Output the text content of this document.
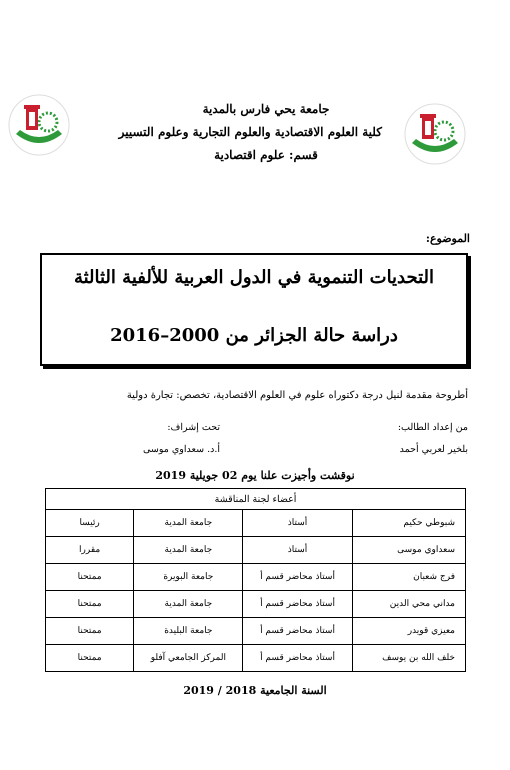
جامعة يحي فارس بالمدية
كلية العلوم الاقتصادية والعلوم التجارية وعلوم التسيير
قسم: علوم اقتصادية
الموضوع:
التحديات التنموية في الدول العربية للألفية الثالثة
دراسة حالة الجزائر من 2000–2016
أطروحة مقدمة لنيل درجة دكتوراه علوم في العلوم الاقتصادية، تخصص: تجارة دولية
من إعداد الطالب:
تحت إشراف:
بلخير لعربي أحمد
أ.د. سعداوي موسى
نوقشت وأجيزت علنا يوم 02 جويلية 2019
أعضاء لجنة المناقشة			
شبوطي حكيم	أستاذ	جامعة المدية	رئيسا
سعداوي موسى	أستاذ	جامعة المدية	مقررا
فرج شعبان	أستاذ محاضر قسم أ	جامعة البويرة	ممتحنا
مداني محي الدين	أستاذ محاضر قسم أ	جامعة المدية	ممتحنا
معيزي قويدر	أستاذ محاضر قسم أ	جامعة البليدة	ممتحنا
خلف الله بن يوسف	أستاذ محاضر قسم أ	المركز الجامعي آفلو	ممتحنا
السنة الجامعية 2018 / 2019
